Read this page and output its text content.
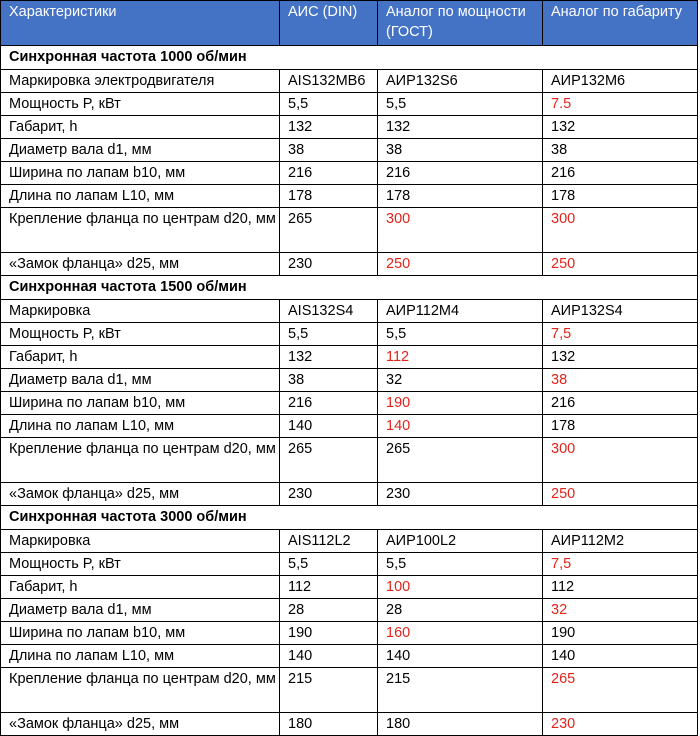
Характеристики	АИС (DIN)	Аналог по мощности (ГОСТ)	Аналог по габариту
Синхронная частота 1000 об/мин			
Маркировка электродвигателя	AIS132MB6	АИР132S6	АИР132М6
Мощность P, кВт	5,5	5,5	7.5
Габарит, h	132	132	132
Диаметр вала d1, мм	38	38	38
Ширина по лапам b10, мм	216	216	216
Длина по лапам L10, мм	178	178	178
Крепление фланца по центрам d20, мм	265	300	300
«Замок фланца» d25, мм	230	250	250
Синхронная частота 1500 об/мин			
Маркировка	AIS132S4	АИР112М4	АИР132S4
Мощность P, кВт	5,5	5,5	7,5
Габарит, h	132	112	132
Диаметр вала d1, мм	38	32	38
Ширина по лапам b10, мм	216	190	216
Длина по лапам L10, мм	140	140	178
Крепление фланца по центрам d20, мм	265	265	300
«Замок фланца» d25, мм	230	230	250
Синхронная частота 3000 об/мин			
Маркировка	AIS112L2	АИР100L2	АИР112М2
Мощность P, кВт	5,5	5,5	7,5
Габарит, h	112	100	112
Диаметр вала d1, мм	28	28	32
Ширина по лапам b10, мм	190	160	190
Длина по лапам L10, мм	140	140	140
Крепление фланца по центрам d20, мм	215	215	265
«Замок фланца» d25, мм	180	180	230
